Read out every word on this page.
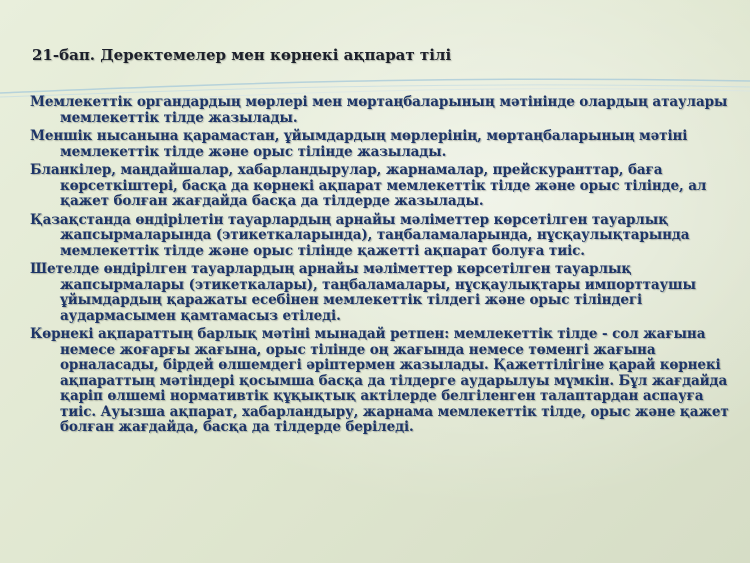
21-бап. Деректемелер мен көрнекі ақпарат тілі
Мемлекеттік органдардың мөрлері мен мөртаңбаларының мәтінінде олардың атаулары мемлекеттік тілде жазылады.
Меншік нысанына қарамастан, ұйымдардың мөрлерінің, мөртаңбаларының мәтіні мемлекеттік тілде және орыс тілінде жазылады.
Бланкілер, маңдайшалар, хабарландырулар, жарнамалар, прейскуранттар, баға көрсеткіштері, басқа да көрнекі ақпарат мемлекеттік тілде және орыс тілінде, ал қажет болған жағдайда басқа да тілдерде жазылады.
Қазақстанда өндірілетін тауарлардың арнайы мәліметтер көрсетілген тауарлық жапсырмаларында (этикеткаларында), таңбаламаларында, нұсқаулықтарында мемлекеттік тілде және орыс тілінде қажетті ақпарат болуға тиіс.
Шетелде өндірілген тауарлардың арнайы мәліметтер көрсетілген тауарлық жапсырмалары (этикеткалары), таңбаламалары, нұсқаулықтары импорттаушы ұйымдардың қаражаты есебінен мемлекеттік тілдегі және орыс тіліндегі аудармасымен қамтамасыз етіледі.
Көрнекі ақпараттың барлық мәтіні мынадай ретпен: мемлекеттік тілде - сол жағына немесе жоғарғы жағына, орыс тілінде оң жағында немесе төменгі жағына орналасады, бірдей өлшемдегі әріптермен жазылады. Қажеттілігіне қарай көрнекі ақпараттың мәтіндері қосымша басқа да тілдерге аударылуы мүмкін. Бұл жағдайда қаріп өлшемі нормативтік құқықтық актілерде белгіленген талаптардан аспауға тиіс. Ауызша ақпарат, хабарландыру, жарнама мемлекеттік тілде, орыс және қажет болған жағдайда, басқа да тілдерде беріледі.
